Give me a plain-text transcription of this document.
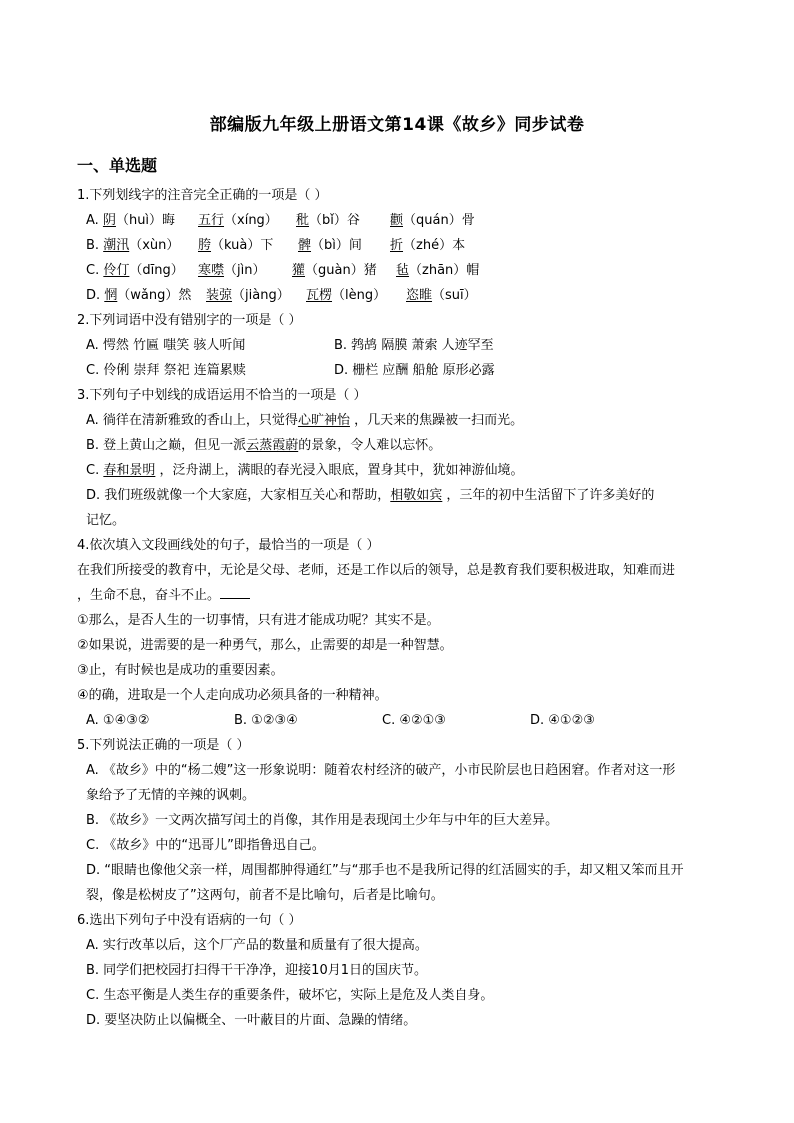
部编版九年级上册语文第14课《故乡》同步试卷
一、单选题
1.下列划线字的注音完全正确的一项是（ ）
A. 阴（huì）晦 五行（xíng） 秕（bǐ）谷 颧（quán）骨
B. 潮汛（xùn） 胯（kuà）下 髀（bì）间 折（zhé）本
C. 伶仃（dīng） 寒噤（jìn） 獾（guàn）猪 毡（zhān）帽
D. 惘（wǎng）然 装弶（jiàng） 瓦楞（lèng） 恣睢（suī）
2.下列词语中没有错别字的一项是（ ）
A. 愕然 竹匾 嗤笑 骇人听闻	B. 鹁鸪 隔膜 萧索 人迹罕至
C. 伶俐 崇拜 祭祀 连篇累赎	D. 栅栏 应酬 船舱 原形必露
3.下列句子中划线的成语运用不恰当的一项是（ ）
A. 徜徉在清新雅致的香山上，只觉得心旷神怡 ，几天来的焦躁被一扫而光。
B. 登上黄山之巅，但见一派云蒸霞蔚的景象，令人难以忘怀。
C. 春和景明 ，泛舟湖上，满眼的春光浸入眼底，置身其中，犹如神游仙境。
D. 我们班级就像一个大家庭，大家相互关心和帮助，相敬如宾 ，三年的初中生活留下了许多美好的
记忆。
4.依次填入文段画线处的句子，最恰当的一项是（ ）
在我们所接受的教育中，无论是父母、老师，还是工作以后的领导，总是教育我们要积极进取，知难而进
，生命不息，奋斗不止。
①那么，是否人生的一切事情，只有进才能成功呢？其实不是。
②如果说，进需要的是一种勇气，那么，止需要的却是一种智慧。
③止，有时候也是成功的重要因素。
④的确，进取是一个人走向成功必须具备的一种精神。
A. ①④③②	B. ①②③④	C. ④②①③	D. ④①②③
5.下列说法正确的一项是（ ）
A. 《故乡》中的“杨二嫂”这一形象说明：随着农村经济的破产，小市民阶层也日趋困窘。作者对这一形
象给予了无情的辛辣的讽刺。
B. 《故乡》一文两次描写闰土的肖像，其作用是表现闰土少年与中年的巨大差异。
C. 《故乡》中的“迅哥儿”即指鲁迅自己。
D. “眼睛也像他父亲一样，周围都肿得通红”与“那手也不是我所记得的红活圆实的手，却又粗又笨而且开
裂，像是松树皮了”这两句，前者不是比喻句，后者是比喻句。
6.选出下列句子中没有语病的一句（ ）
A. 实行改革以后，这个厂产品的数量和质量有了很大提高。
B. 同学们把校园打扫得干干净净，迎接10月1日的国庆节。
C. 生态平衡是人类生存的重要条件，破坏它，实际上是危及人类自身。
D. 要坚决防止以偏概全、一叶蔽目的片面、急躁的情绪。
